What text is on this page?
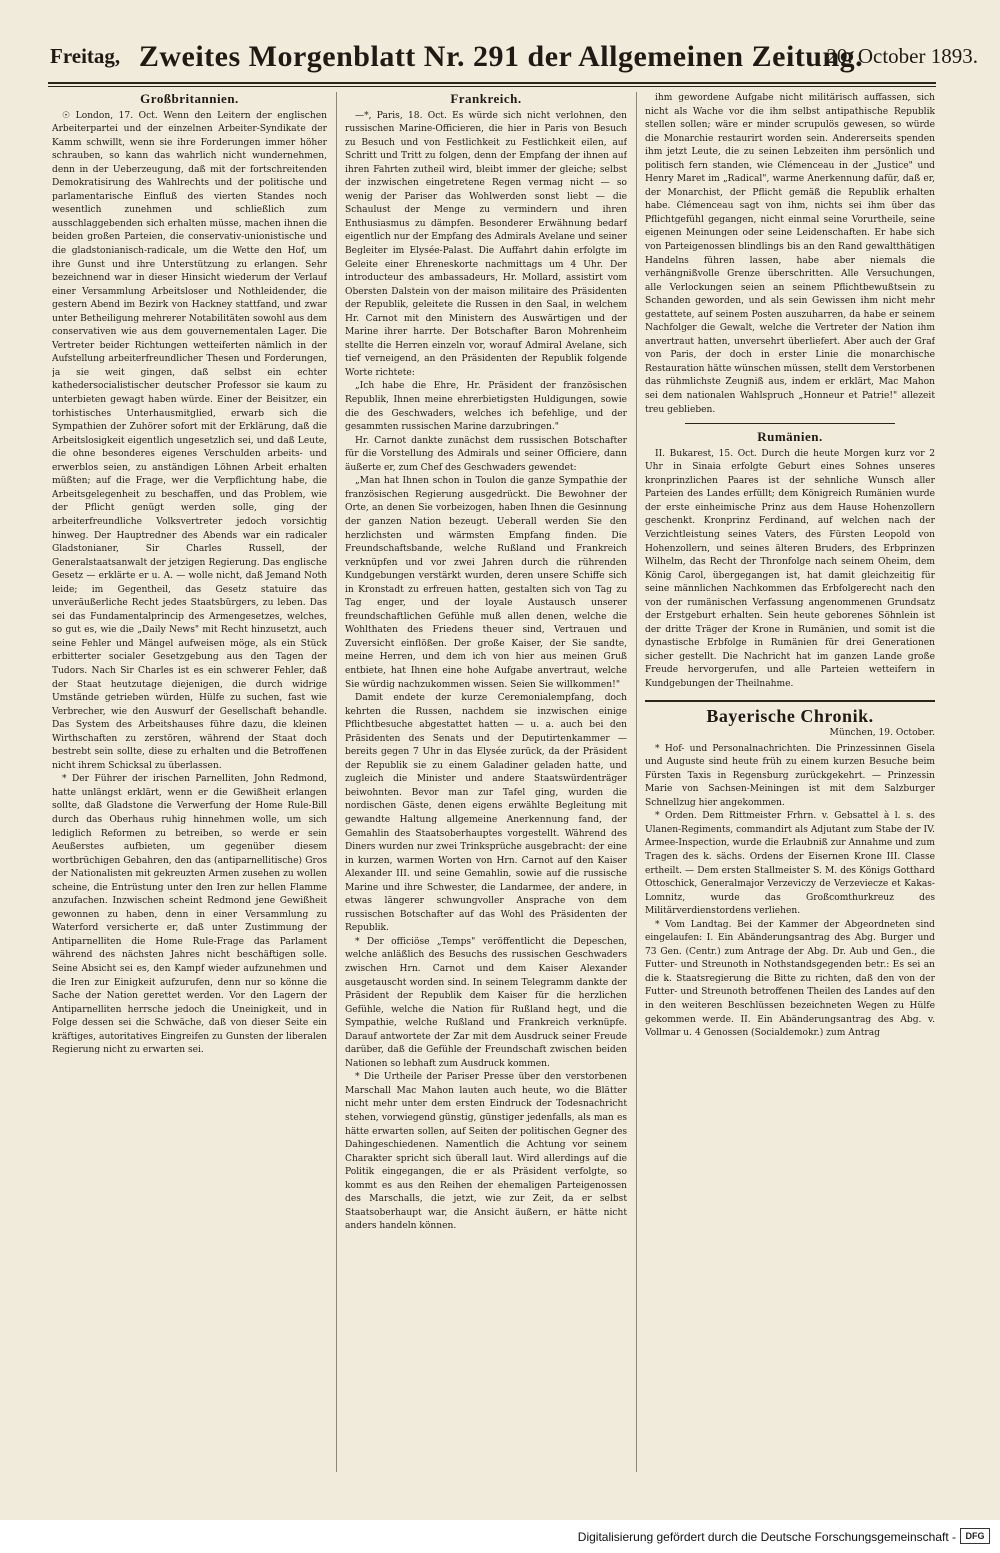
Freitag, Zweites Morgenblatt Nr. 291 der Allgemeinen Zeitung.
20. October 1893.
Großbritannien.

☉ London, 17. Oct. Wenn den Leitern der englischen Arbeiterpartei und der einzelnen Arbeiter-Syndikate der Kamm schwillt, wenn sie ihre Forderungen immer höher schrauben, so kann das wahrlich nicht wundernehmen, denn in der Ueberzeugung, daß mit der fortschreitenden Demokratisirung des Wahlrechts und der politische und parlamentarische Einfluß des vierten Standes noch wesentlich zunehmen und schließlich zum ausschlaggebenden sich erhalten müsse, machen ihnen die beiden großen Parteien, die conservativ-unionistische und die gladstonianisch-radicale, um die Wette den Hof, um ihre Gunst und ihre Unterstützung zu erlangen. Sehr bezeichnend war in dieser Hinsicht wiederum der Verlauf einer Versammlung Arbeitsloser und Nothleidender, die gestern Abend im Bezirk von Hackney stattfand, und zwar unter Betheiligung mehrerer Notabilitäten sowohl aus dem conservativen wie aus dem gouvernementalen Lager. Die Vertreter beider Richtungen wetteiferten nämlich in der Aufstellung arbeiterfreundlicher Thesen und Forderungen, ja sie weit gingen, daß selbst ein echter kathedersocialistischer deutscher Professor sie kaum zu unterbieten gewagt haben würde. Einer der Beisitzer, ein torhistisches Unterhausmitglied, erwarb sich die Sympathien der Zuhörer sofort mit der Erklärung, daß die Arbeitslosigkeit eigentlich ungesetzlich sei, und daß Leute, die ohne besonderes eigenes Verschulden arbeits- und erwerblos seien, zu anständigen Löhnen Arbeit erhalten müßten; auf die Frage, wer die Verpflichtung habe, die Arbeitsgelegenheit zu beschaffen, und das Problem, wie der Pflicht genügt werden solle, ging der arbeiterfreundliche Volksvertreter jedoch vorsichtig hinweg. Der Hauptredner des Abends war ein radicaler Gladstonianer, Sir Charles Russell, der Generalstaatsanwalt der jetzigen Regierung. Das englische Gesetz — erklärte er u. A. — wolle nicht, daß Jemand Noth leide; im Gegentheil, das Gesetz statuire das unveräußerliche Recht jedes Staatsbürgers, zu leben. Das sei das Fundamentalprincip des Armengesetzes, welches, so gut es, wie die „Daily News" mit Recht hinzusetzt, auch seine Fehler und Mängel aufweisen möge, als ein Stück erbitterter socialer Gesetzgebung aus den Tagen der Tudors. Nach Sir Charles ist es ein schwerer Fehler, daß der Staat heutzutage diejenigen, die durch widrige Umstände getrieben würden, Hülfe zu suchen, fast wie Verbrecher, wie den Auswurf der Gesellschaft behandle. Das System des Arbeitshauses führe dazu, die kleinen Wirthschaften zu zerstören, während der Staat doch bestrebt sein sollte, diese zu erhalten und die Betroffenen nicht ihrem Schicksal zu überlassen.

* Der Führer der irischen Parnelliten, John Redmond, hatte unlängst erklärt, wenn er die Gewißheit erlangen sollte, daß Gladstone die Verwerfung der Home Rule-Bill durch das Oberhaus ruhig hinnehmen wolle, um sich lediglich Reformen zu betreiben, so werde er sein Aeußerstes aufbieten, um gegenüber diesem wortbrüchigen Gebahren, den das (antiparnellitische) Gros der Nationalisten mit gekreuzten Armen zusehen zu wollen scheine, die Entrüstung unter den Iren zur hellen Flamme anzufachen. Inzwischen scheint Redmond jene Gewißheit gewonnen zu haben, denn in einer Versammlung zu Waterford versicherte er, daß unter Zustimmung der Antiparnelliten die Home Rule-Frage das Parlament während des nächsten Jahres nicht beschäftigen solle. Seine Absicht sei es, den Kampf wieder aufzunehmen und die Iren zur Einigkeit aufzurufen, denn nur so könne die Sache der Nation gerettet werden. Vor den Lagern der Antiparnelliten herrsche jedoch die Uneinigkeit, und in Folge dessen sei die Schwäche, daß von dieser Seite ein kräftiges, autoritatives Eingreifen zu Gunsten der liberalen Regierung nicht zu erwarten sei.

Frankreich.

—*, Paris, 18. Oct. Es würde sich nicht verlohnen, den russischen Marine-Officieren, die hier in Paris von Besuch zu Besuch und von Festlichkeit zu Festlichkeit eilen, auf Schritt und Tritt zu folgen, denn der Empfang der ihnen auf ihren Fahrten zutheil wird, bleibt immer der gleiche; selbst der inzwischen eingetretene Regen vermag nicht — so wenig der Pariser das Wohlwerden sonst liebt — die Schaulust der Menge zu vermindern und ihren Enthusiasmus zu dämpfen. Besonderer Erwähnung bedarf eigentlich nur der Empfang des Admirals Avelane und seiner Begleiter im Elysée-Palast. Die Auffahrt dahin erfolgte im Geleite einer Ehreneskorte nachmittags um 4 Uhr. Der introducteur des ambassadeurs, Hr. Mollard, assistirt vom Obersten Dalstein von der maison militaire des Präsidenten der Republik, geleitete die Russen in den Saal, in welchem Hr. Carnot mit den Ministern des Auswärtigen und der Marine ihrer harrte. Der Botschafter Baron Mohrenheim stellte die Herren einzeln vor, worauf Admiral Avelane, sich tief verneigend, an den Präsidenten der Republik folgende Worte richtete:

„Ich habe die Ehre, Hr. Präsident der französischen Republik, Ihnen meine ehrerbietigsten Huldigungen, sowie die des Geschwaders, welches ich befehlige, und der gesammten russischen Marine darzubringen."

Hr. Carnot dankte zunächst dem russischen Botschafter für die Vorstellung des Admirals und seiner Officiere, dann äußerte er, zum Chef des Geschwaders gewendet:

„Man hat Ihnen schon in Toulon die ganze Sympathie der französischen Regierung ausgedrückt. Die Bewohner der Orte, an denen Sie vorbeizogen, haben Ihnen die Gesinnung der ganzen Nation bezeugt. Ueberall werden Sie den herzlichsten und wärmsten Empfang finden. Die Freundschaftsbande, welche Rußland und Frankreich verknüpfen und vor zwei Jahren durch die rührenden Kundgebungen verstärkt wurden, deren unsere Schiffe sich in Kronstadt zu erfreuen hatten, gestalten sich von Tag zu Tag enger, und der loyale Austausch unserer freundschaftlichen Gefühle muß allen denen, welche die Wohlthaten des Friedens theuer sind, Vertrauen und Zuversicht einflößen. Der große Kaiser, der Sie sandte, meine Herren, und dem ich von hier aus meinen Gruß entbiete, hat Ihnen eine hohe Aufgabe anvertraut, welche Sie würdig nachzukommen wissen. Seien Sie willkommen!"

Damit endete der kurze Ceremonialempfang, doch kehrten die Russen, nachdem sie inzwischen einige Pflichtbesuche abgestattet hatten — u. a. auch bei den Präsidenten des Senats und der Deputirtenkammer — bereits gegen 7 Uhr in das Elysée zurück, da der Präsident der Republik sie zu einem Galadiner geladen hatte, und zugleich die Minister und andere Staatswürdenträger beiwohnten. Bevor man zur Tafel ging, wurden die nordischen Gäste, denen eigens erwählte Begleitung mit gewandte Haltung allgemeine Anerkennung fand, der Gemahlin des Staatsoberhauptes vorgestellt. Während des Diners wurden nur zwei Trinksprüche ausgebracht: der eine in kurzen, warmen Worten von Hrn. Carnot auf den Kaiser Alexander III. und seine Gemahlin, sowie auf die russische Marine und ihre Schwester, die Landarmee, der andere, in etwas längerer schwungvoller Ansprache von dem russischen Botschafter auf das Wohl des Präsidenten der Republik.

* Der officiöse „Temps" veröffentlicht die Depeschen, welche anläßlich des Besuchs des russischen Geschwaders zwischen Hrn. Carnot und dem Kaiser Alexander ausgetauscht worden sind. In seinem Telegramm dankte der Präsident der Republik dem Kaiser für die herzlichen Gefühle, welche die Nation für Rußland hegt, und die Sympathie, welche Rußland und Frankreich verknüpfe. Darauf antwortete der Zar mit dem Ausdruck seiner Freude darüber, daß die Gefühle der Freundschaft zwischen beiden Nationen so lebhaft zum Ausdruck kommen.

* Die Urtheile der Pariser Presse über den verstorbenen Marschall Mac Mahon lauten auch heute, wo die Blätter nicht mehr unter dem ersten Eindruck der Todesnachricht stehen, vorwiegend günstig, günstiger jedenfalls, als man es hätte erwarten sollen, auf Seiten der politischen Gegner des Dahingeschiedenen. Namentlich die Achtung vor seinem Charakter spricht sich überall laut. Wird allerdings auf die Politik eingegangen, die er als Präsident verfolgte, so kommt es aus den Reihen der ehemaligen Parteigenossen des Marschalls, die jetzt, wie zur Zeit, da er selbst Staatsoberhaupt war, die Ansicht äußern, er hätte nicht anders handeln können.

ihm gewordene Aufgabe nicht militärisch auffassen, sich nicht als Wache vor die ihm selbst antipathische Republik stellen sollen; wäre er minder scrupulös gewesen, so würde die Monarchie restaurirt worden sein. Andererseits spenden ihm jetzt Leute, die zu seinen Lebzeiten ihm persönlich und politisch fern standen, wie Clémenceau in der „Justice" und Henry Maret im „Radical", warme Anerkennung dafür, daß er, der Monarchist, der Pflicht gemäß die Republik erhalten habe. Clémenceau sagt von ihm, nichts sei ihm über das Pflichtgefühl gegangen, nicht einmal seine Vorurtheile, seine eigenen Meinungen oder seine Leidenschaften. Er habe sich von Parteigenossen blindlings bis an den Rand gewaltthätigen Handelns führen lassen, habe aber niemals die verhängnißvolle Grenze überschritten. Alle Versuchungen, alle Verlockungen seien an seinem Pflichtbewußtsein zu Schanden geworden, und als sein Gewissen ihm nicht mehr gestattete, auf seinem Posten auszuharren, da habe er seinem Nachfolger die Gewalt, welche die Vertreter der Nation ihm anvertraut hatten, unversehrt überliefert. Aber auch der Graf von Paris, der doch in erster Linie die monarchische Restauration hätte wünschen müssen, stellt dem Verstorbenen das rühmlichste Zeugniß aus, indem er erklärt, Mac Mahon sei dem nationalen Wahlspruch „Honneur et Patrie!" allezeit treu geblieben.

Rumänien.

II. Bukarest, 15. Oct. Durch die heute Morgen kurz vor 2 Uhr in Sinaia erfolgte Geburt eines Sohnes unseres kronprinzlichen Paares ist der sehnliche Wunsch aller Parteien des Landes erfüllt; dem Königreich Rumänien wurde der erste einheimische Prinz aus dem Hause Hohenzollern geschenkt. Kronprinz Ferdinand, auf welchen nach der Verzichtleistung seines Vaters, des Fürsten Leopold von Hohenzollern, und seines älteren Bruders, des Erbprinzen Wilhelm, das Recht der Thronfolge nach seinem Oheim, dem König Carol, übergegangen ist, hat damit gleichzeitig für seine männlichen Nachkommen das Erbfolgerecht nach den von der rumänischen Verfassung angenommenen Grundsatz der Erstgeburt erhalten. Sein heute geborenes Söhnlein ist der dritte Träger der Krone in Rumänien, und somit ist die dynastische Erbfolge in Rumänien für drei Generationen sicher gestellt. Die Nachricht hat im ganzen Lande große Freude hervorgerufen, und alle Parteien wetteifern in Kundgebungen der Theilnahme.

Bayerische Chronik.
München, 19. October.

* Hof- und Personalnachrichten. Die Prinzessinnen Gisela und Auguste sind heute früh zu einem kurzen Besuche beim Fürsten Taxis in Regensburg zurückgekehrt. — Prinzessin Marie von Sachsen-Meiningen ist mit dem Salzburger Schnellzug hier angekommen.

* Orden. Dem Rittmeister Frhrn. v. Gebsattel à l. s. des Ulanen-Regiments, commandirt als Adjutant zum Stabe der IV. Armee-Inspection, wurde die Erlaubniß zur Annahme und zum Tragen des k. sächs. Ordens der Eisernen Krone III. Classe ertheilt. — Dem ersten Stallmeister S. M. des Königs Gotthard Ottoschick, Generalmajor Verzeviczy de Verzeviecze et Kakas-Lomnitz, wurde das Großcomthurkreuz des Militärverdienstordens verliehen.

* Vom Landtag. Bei der Kammer der Abgeordneten sind eingelaufen: I. Ein Abänderungsantrag des Abg. Burger und 73 Gen. (Centr.) zum Antrage der Abg. Dr. Aub und Gen., die Futter- und Streunoth in Nothstandsgegenden betr.: Es sei an die k. Staatsregierung die Bitte zu richten, daß den von der Futter- und Streunoth betroffenen Theilen des Landes auf den in den weiteren Beschlüssen bezeichneten Wegen zu Hülfe gekommen werde. II. Ein Abänderungsantrag des Abg. v. Vollmar u. 4 Genossen (Socialdemokr.) zum Antrag

Digitalisierung gefördert durch die Deutsche Forschungsgemeinschaft -	DFG
